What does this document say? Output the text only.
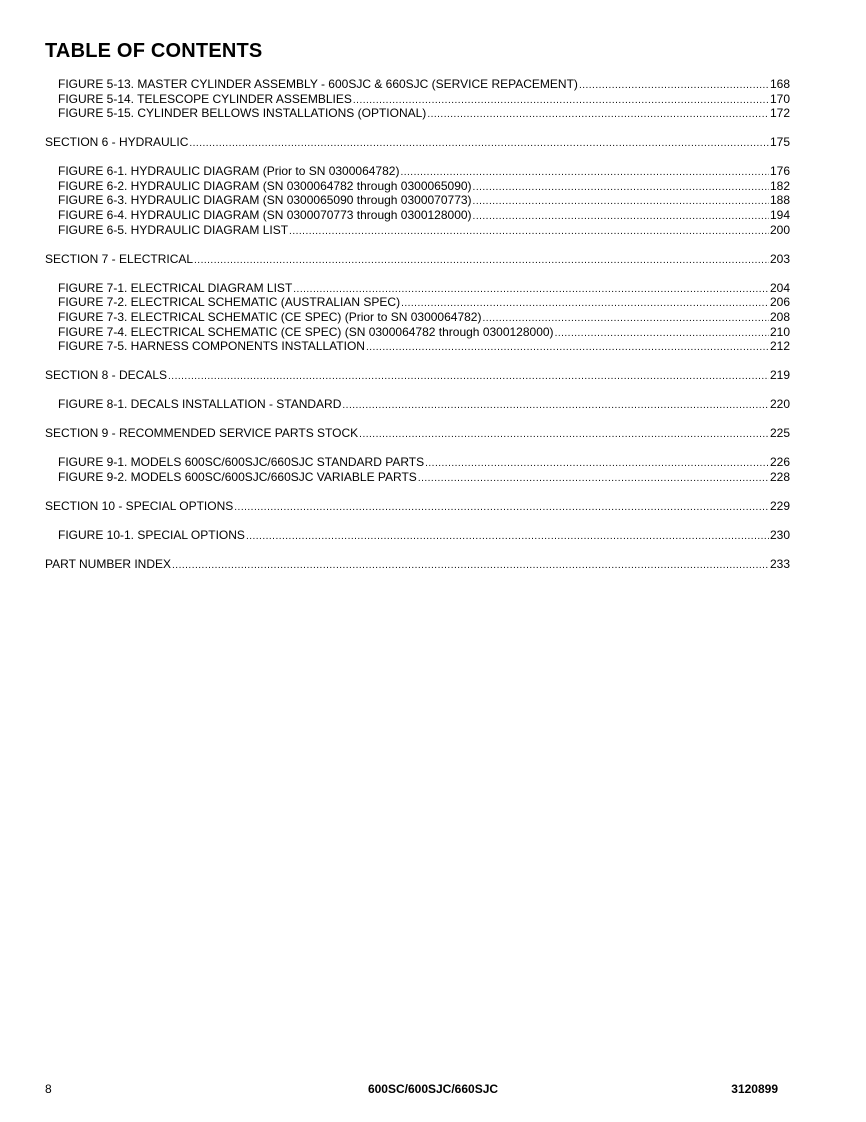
TABLE OF CONTENTS
FIGURE 5-13. MASTER CYLINDER ASSEMBLY - 600SJC & 660SJC (SERVICE REPACEMENT) .....	168
FIGURE 5-14. TELESCOPE CYLINDER ASSEMBLIES .....	170
FIGURE 5-15. CYLINDER BELLOWS INSTALLATIONS (OPTIONAL) .....	172
SECTION 6 - HYDRAULIC .....	175
FIGURE 6-1. HYDRAULIC DIAGRAM (Prior to SN 0300064782) .....	176
FIGURE 6-2. HYDRAULIC DIAGRAM (SN 0300064782 through 0300065090) .....	182
FIGURE 6-3. HYDRAULIC DIAGRAM (SN 0300065090 through 0300070773) .....	188
FIGURE 6-4. HYDRAULIC DIAGRAM (SN 0300070773 through 0300128000) .....	194
FIGURE 6-5. HYDRAULIC DIAGRAM LIST .....	200
SECTION 7 - ELECTRICAL .....	203
FIGURE 7-1. ELECTRICAL DIAGRAM LIST .....	204
FIGURE 7-2. ELECTRICAL SCHEMATIC (AUSTRALIAN SPEC) .....	206
FIGURE 7-3. ELECTRICAL SCHEMATIC (CE SPEC) (Prior to SN 0300064782) .....	208
FIGURE 7-4. ELECTRICAL SCHEMATIC (CE SPEC) (SN 0300064782 through 0300128000) .....	210
FIGURE 7-5. HARNESS COMPONENTS INSTALLATION .....	212
SECTION 8 - DECALS .....	219
FIGURE 8-1. DECALS INSTALLATION - STANDARD .....	220
SECTION 9 - RECOMMENDED SERVICE PARTS STOCK .....	225
FIGURE 9-1. MODELS 600SC/600SJC/660SJC STANDARD PARTS .....	226
FIGURE 9-2. MODELS 600SC/600SJC/660SJC VARIABLE PARTS .....	228
SECTION 10 - SPECIAL OPTIONS .....	229
FIGURE 10-1. SPECIAL OPTIONS .....	230
PART NUMBER INDEX .....	233
8	600SC/600SJC/660SJC	3120899
